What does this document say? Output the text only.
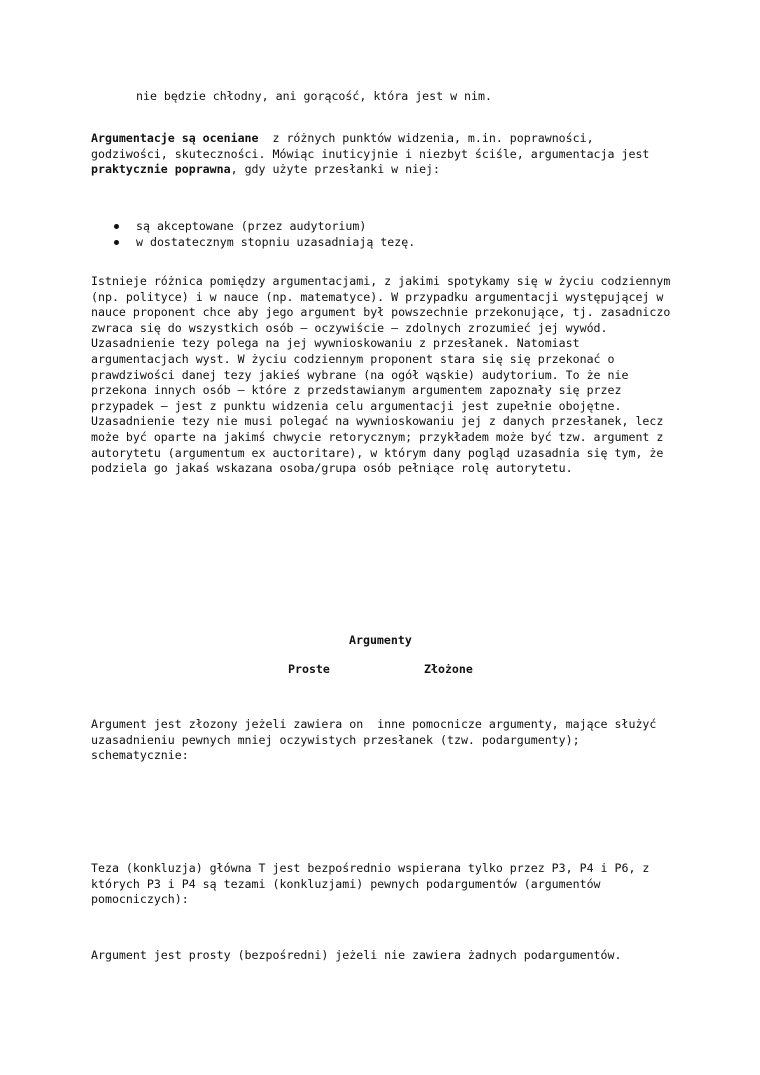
nie będzie chłodny, ani gorącość, która jest w nim.

Argumentacje są oceniane  z różnych punktów widzenia, m.in. poprawności,
godziwości, skuteczności. Mówiąc inuticyjnie i niezbyt ściśle, argumentacja jest
praktycznie poprawna, gdy użyte przesłanki w niej:

są akceptowane (przez audytorium)
w dostatecznym stopniu uzasadniają tezę.

Istnieje różnica pomiędzy argumentacjami, z jakimi spotykamy się w życiu codziennym
(np. polityce) i w nauce (np. matematyce). W przypadku argumentacji występującej w
nauce proponent chce aby jego argument był powszechnie przekonujące, tj. zasadniczo
zwraca się do wszystkich osób – oczywiście – zdolnych zrozumieć jej wywód.
Uzasadnienie tezy polega na jej wywnioskowaniu z przesłanek. Natomiast
argumentacjach wyst. W życiu codziennym proponent stara się się przekonać o
prawdziwości danej tezy jakieś wybrane (na ogół wąskie) audytorium. To że nie
przekona innych osób – które z przedstawianym argumentem zapoznały się przez
przypadek – jest z punktu widzenia celu argumentacji jest zupełnie obojętne.
Uzasadnienie tezy nie musi polegać na wywnioskowaniu jej z danych przesłanek, lecz
może być oparte na jakimś chwycie retorycznym; przykładem może być tzw. argument z
autorytetu (argumentum ex auctoritare), w którym dany pogląd uzasadnia się tym, że
podziela go jakaś wskazana osoba/grupa osób pełniące rolę autorytetu.

Argumenty
Proste	Złożone

Argument jest złozony jeżeli zawiera on  inne pomocnicze argumenty, mające służyć
uzasadnieniu pewnych mniej oczywistych przesłanek (tzw. podargumenty);
schematycznie:

Teza (konkluzja) główna T jest bezpośrednio wspierana tylko przez P3, P4 i P6, z
których P3 i P4 są tezami (konkluzjami) pewnych podargumentów (argumentów
pomocniczych):

Argument jest prosty (bezpośredni) jeżeli nie zawiera żadnych podargumentów.
